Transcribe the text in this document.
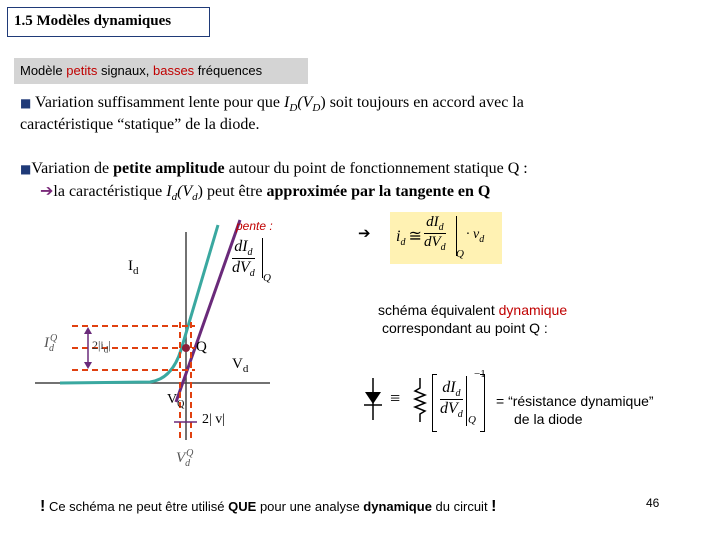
1.5 Modèles dynamiques
Modèle petits signaux, basses fréquences
■ Variation suffisamment lente pour que $I_D(V_D)$ soit toujours en accord avec la
caractéristique “statique” de la diode.
■Variation de petite amplitude autour du point de fonctionnement statique Q :
➔la caractéristique $I_d(V_d)$ peut être approximée par la tangente en Q
pente :
$I_d$
$V_d$
Q
$I_d^Q$	$2|i_d|$
$V_Q$
2| v|
$V_d^Q$
$dI_d$
$dV_d$ Q
➔ $i_d$ ≅
$dI_d$
$dV_d$
Q
· $v_d$
schéma équivalent dynamique
correspondant au point Q :
≡
$dI_d$
$dV_d$ Q
−1
= “résistance dynamique”
de la diode
! Ce schéma ne peut être utilisé QUE pour une analyse dynamique du circuit !	46
